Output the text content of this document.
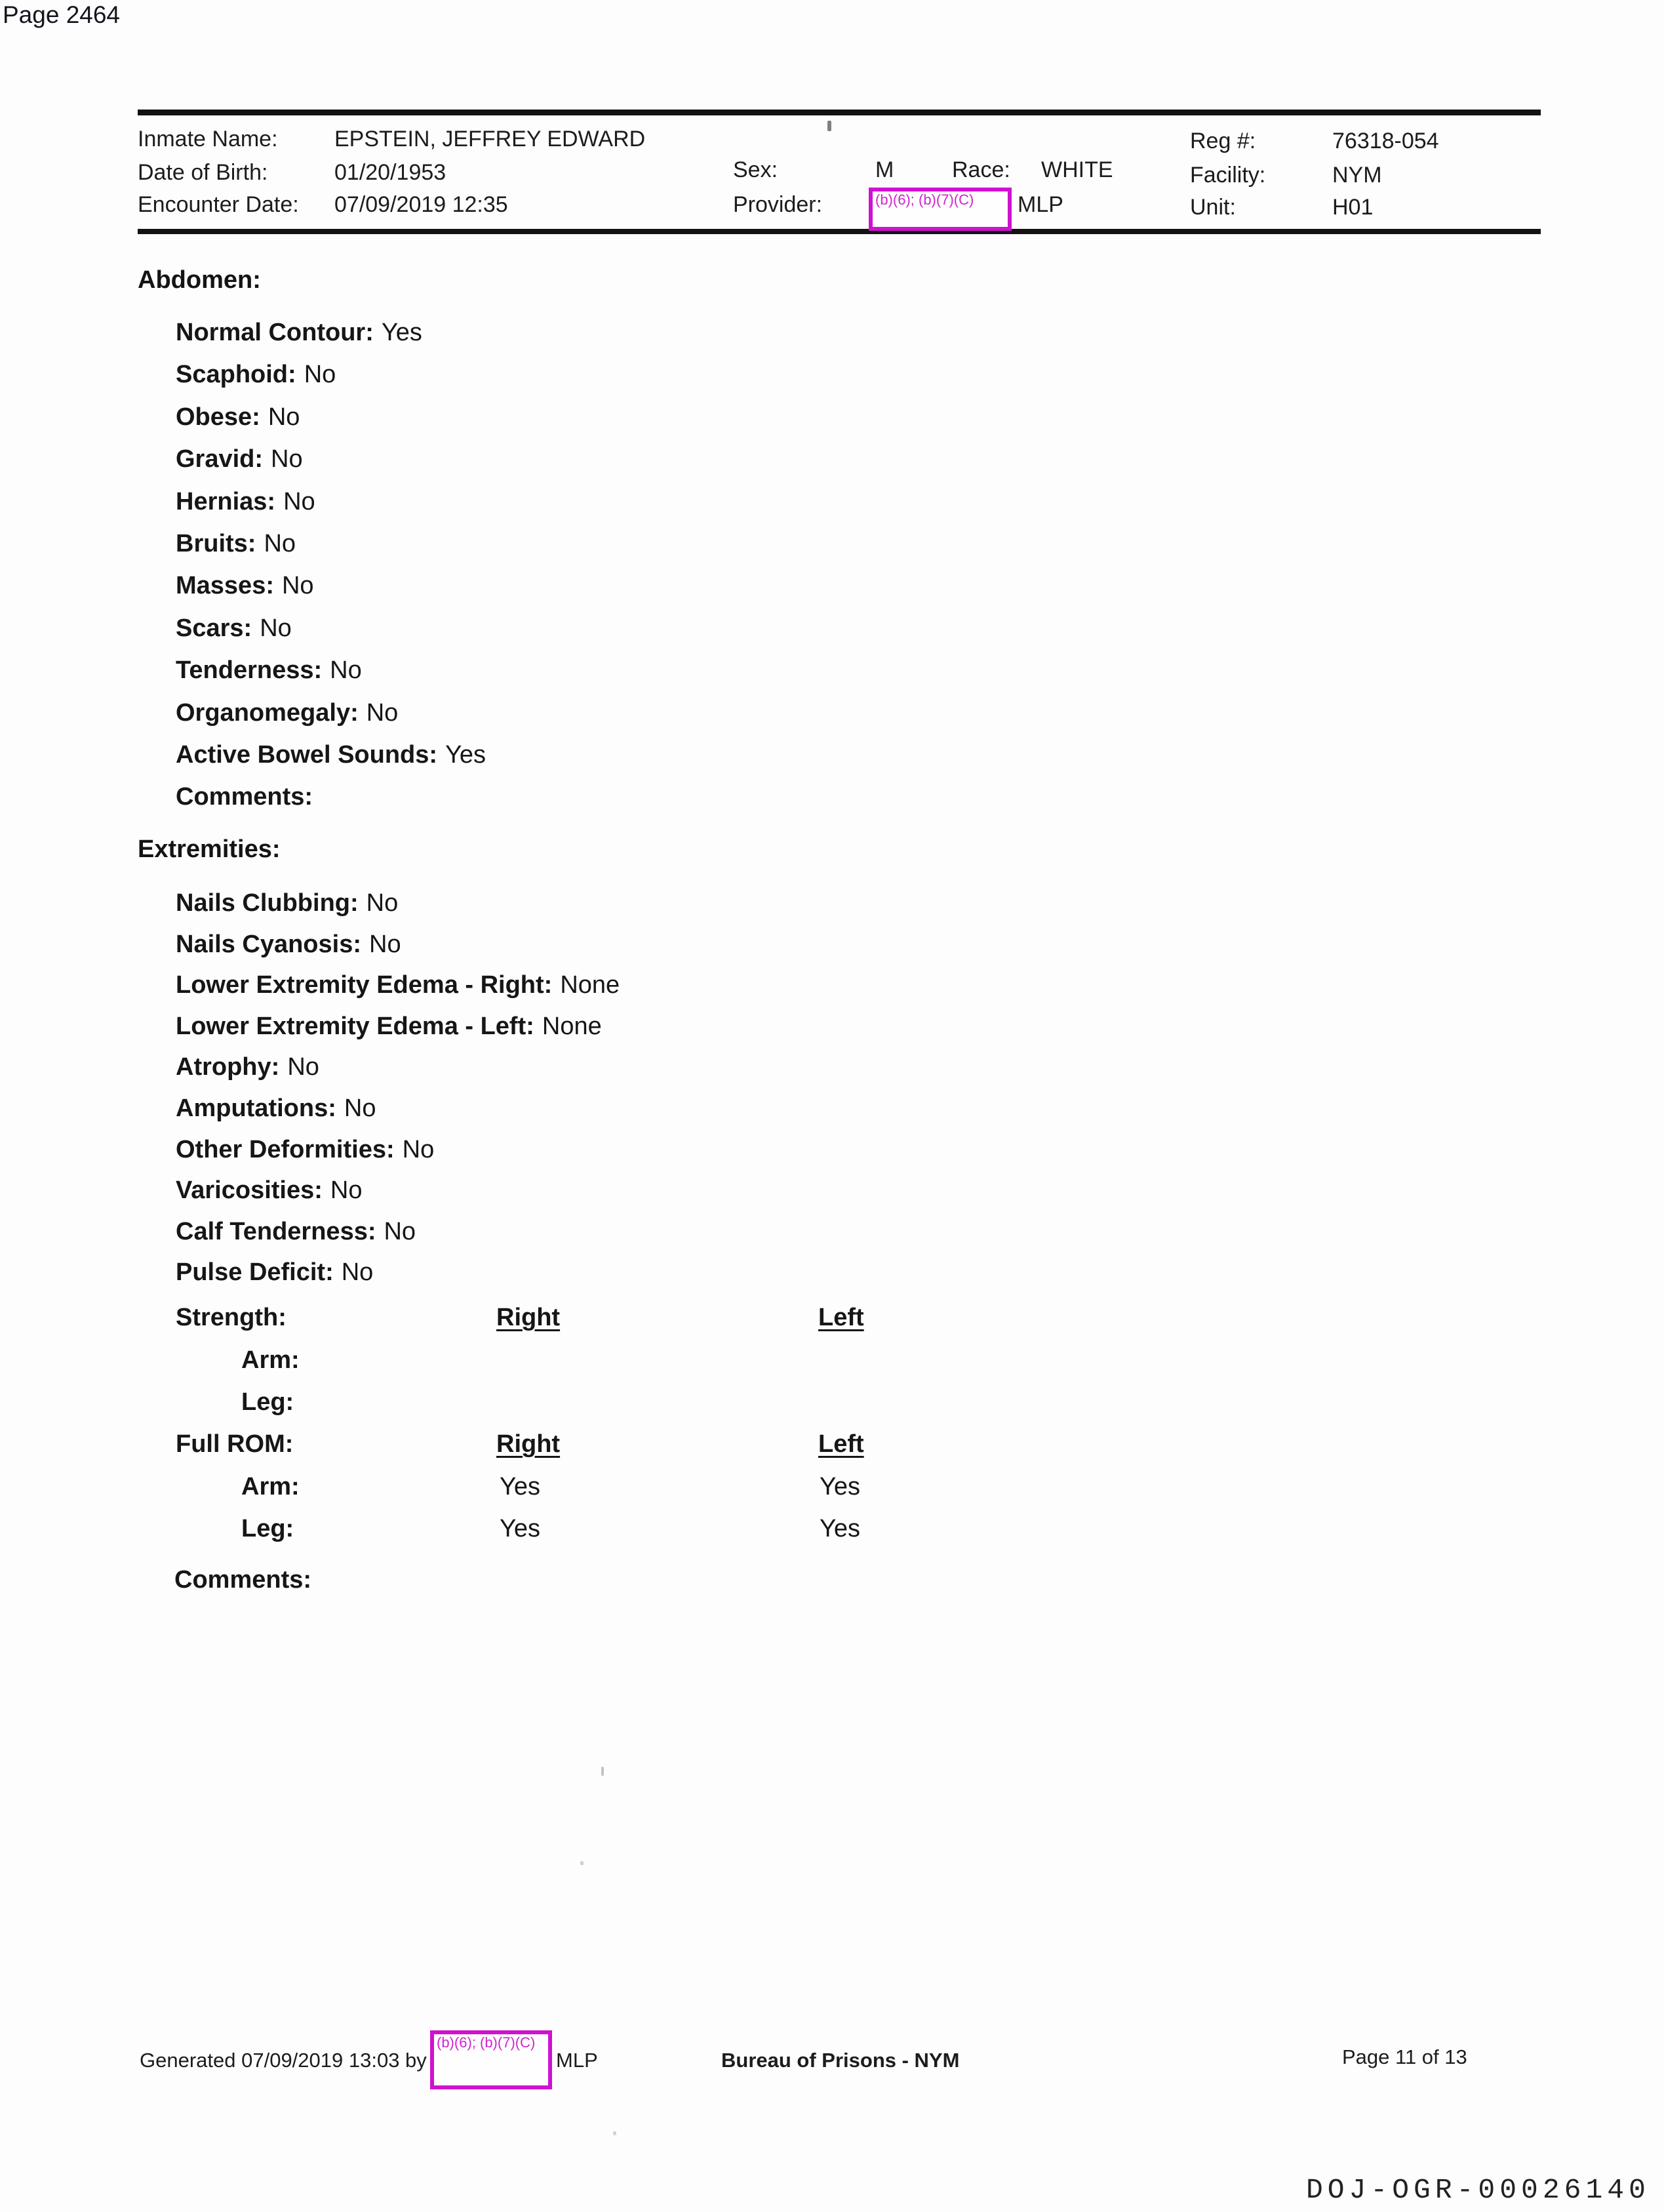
Page 2464
Inmate Name:	EPSTEIN, JEFFREY EDWARD	Reg #:	76318-054
Date of Birth:	01/20/1953	Sex:	M	Race: WHITE	Facility:	NYM
Encounter Date: 07/09/2019 12:35	Provider:	(b)(6); (b)(7)(C) MLP	Unit:	H01
Abdomen:
Normal Contour: Yes
Scaphoid: No
Obese: No
Gravid: No
Hernias: No
Bruits: No
Masses: No
Scars: No
Tenderness: No
Organomegaly: No
Active Bowel Sounds: Yes
Comments:
Extremities:
Nails Clubbing: No
Nails Cyanosis: No
Lower Extremity Edema - Right: None
Lower Extremity Edema - Left: None
Atrophy: No
Amputations: No
Other Deformities: No
Varicosities: No
Calf Tenderness: No
Pulse Deficit: No
Strength:	Right	Left
Arm:
Leg:
Full ROM:	Right	Left
Arm:	Yes	Yes
Leg:	Yes	Yes
Comments:
Generated 07/09/2019 13:03 by
(b)(6); (b)(7)(C)
MLP	Bureau of Prisons - NYM	Page 11 of 13
DOJ-OGR-00026140
